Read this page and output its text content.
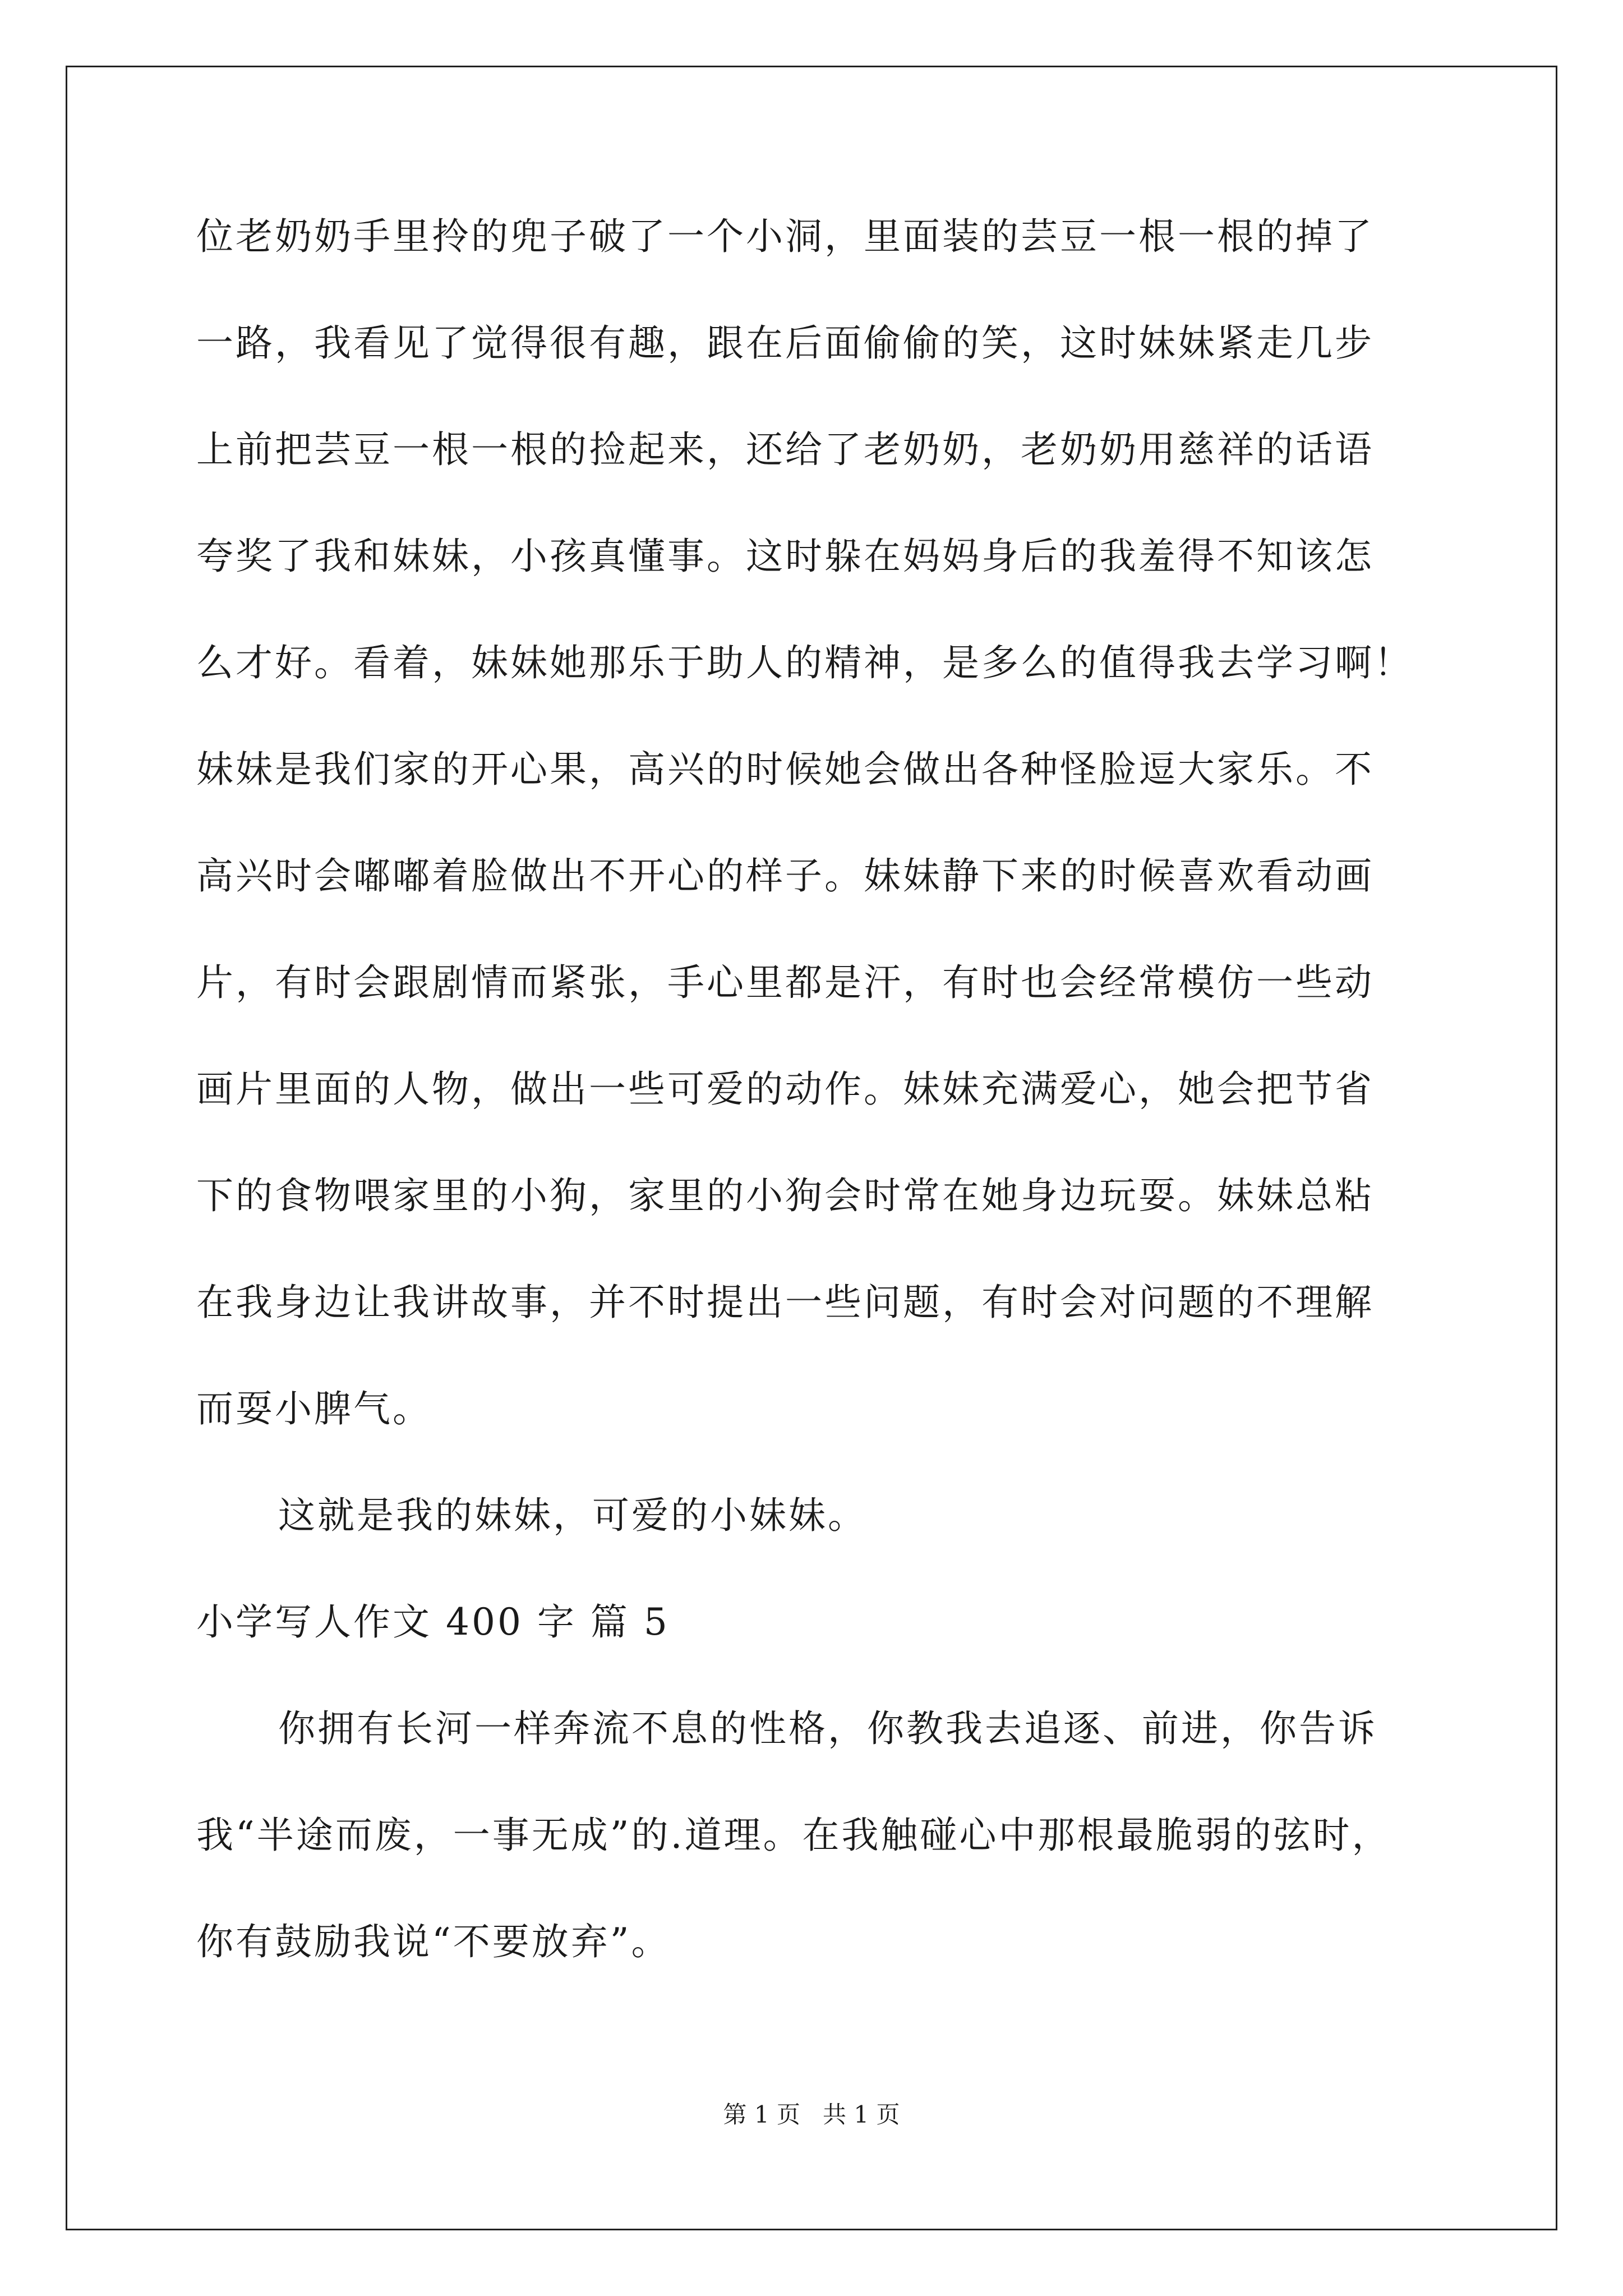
位老奶奶手里拎的兜子破了一个小洞，里面装的芸豆一根一根的掉了
一路，我看见了觉得很有趣，跟在后面偷偷的笑，这时妹妹紧走几步
上前把芸豆一根一根的捡起来，还给了老奶奶，老奶奶用慈祥的话语
夸奖了我和妹妹，小孩真懂事。这时躲在妈妈身后的我羞得不知该怎
么才好。看着，妹妹她那乐于助人的精神，是多么的值得我去学习啊！
妹妹是我们家的开心果，高兴的时候她会做出各种怪脸逗大家乐。不
高兴时会嘟嘟着脸做出不开心的样子。妹妹静下来的时候喜欢看动画
片，有时会跟剧情而紧张，手心里都是汗，有时也会经常模仿一些动
画片里面的人物，做出一些可爱的动作。妹妹充满爱心，她会把节省
下的食物喂家里的小狗，家里的小狗会时常在她身边玩耍。妹妹总粘
在我身边让我讲故事，并不时提出一些问题，有时会对问题的不理解
而耍小脾气。
这就是我的妹妹，可爱的小妹妹。
小学写人作文 400 字 篇 5
你拥有长河一样奔流不息的性格，你教我去追逐、前进，你告诉
我“半途而废，一事无成”的.道理。在我触碰心中那根最脆弱的弦时，
你有鼓励我说“不要放弃”。
第 1 页   共 1 页
